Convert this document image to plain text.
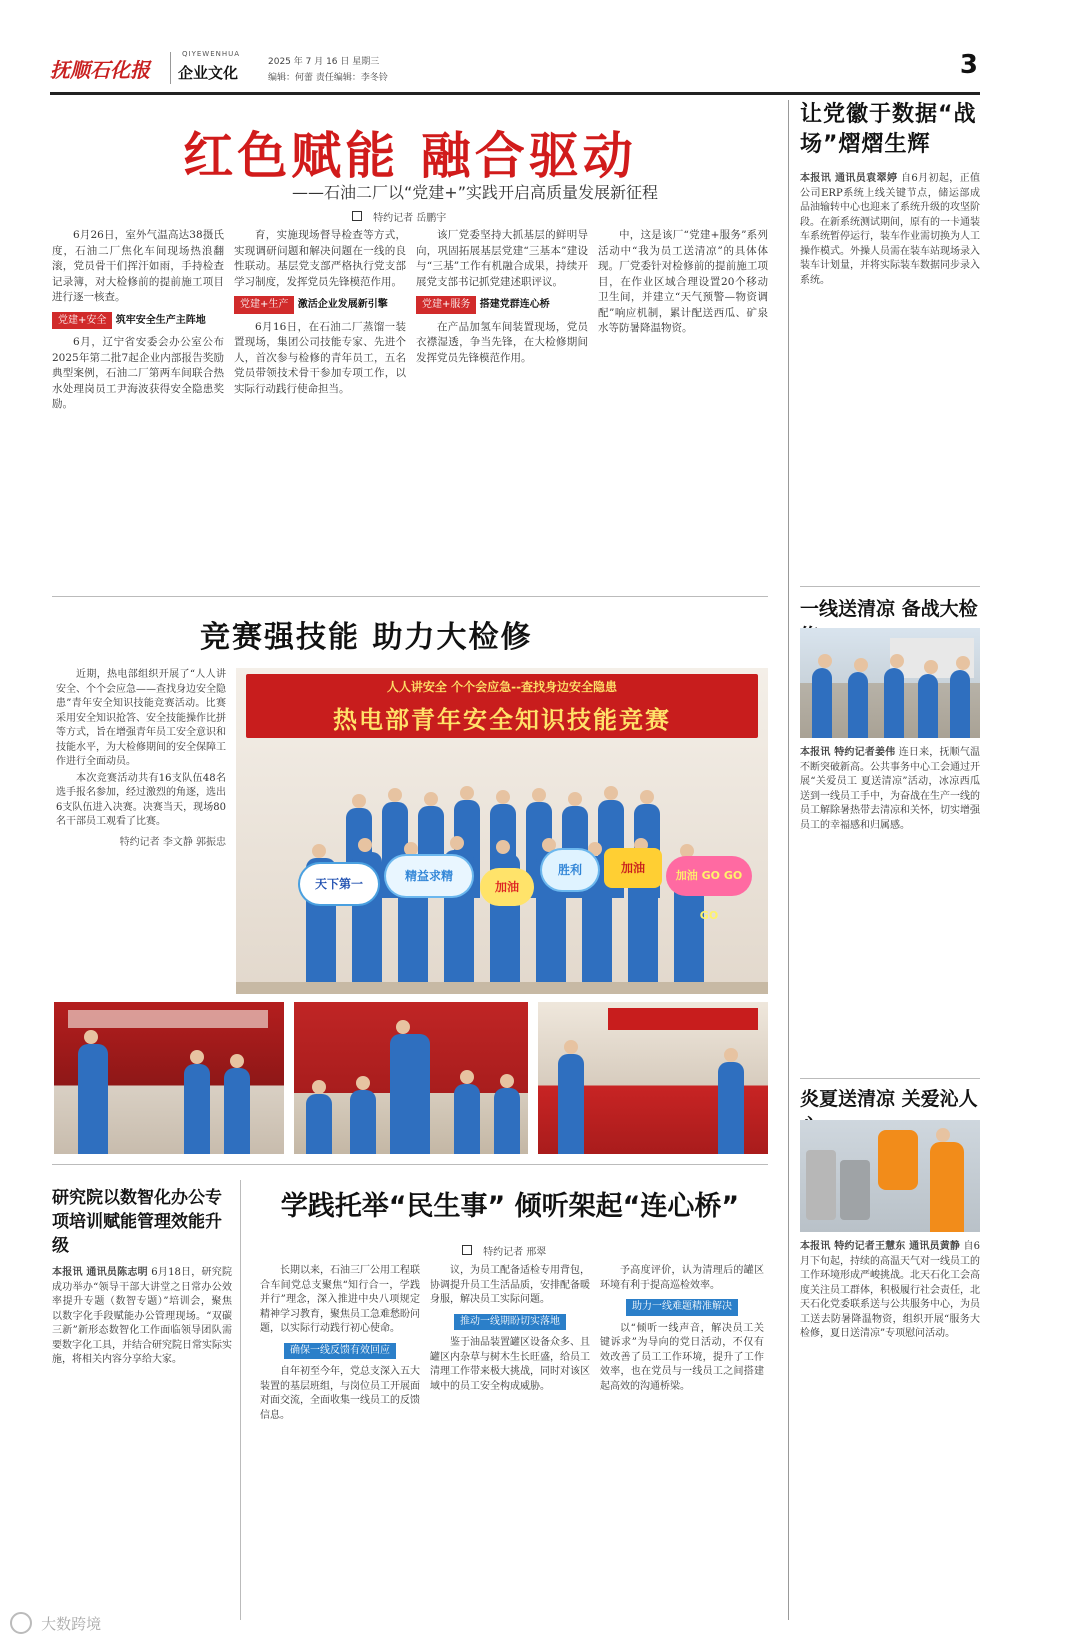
抚顺石化报
QIYEWENHUA
企业文化
2025 年 7 月 16 日 星期三
编辑：何蕾 责任编辑：李冬铃	3
红色赋能 融合驱动
——石油二厂以“党建+”实践开启高质量发展新征程
特约记者 岳鹏宇

6月26日，室外气温高达38摄氏度，石油二厂焦化车间现场热浪翻滚，党员骨干们挥汗如雨，手持检查记录簿，对大检修前的提前施工项目进行逐一核查。

党建+安全 筑牢安全生产主阵地

6月，辽宁省安委会办公室公布2025年第二批7起企业内部报告奖励典型案例，石油二厂第两车间联合热水处理岗员工尹海波获得安全隐患奖励。

育，实施现场督导检查等方式，实现调研问题和解决问题在一线的良性联动。基层党支部严格执行党支部学习制度，发挥党员先锋模范作用。

党建+生产 激活企业发展新引擎

6月16日，在石油二厂蒸馏一装置现场，集团公司技能专家、先进个人，首次参与检修的青年员工，五名党员带领技术骨干参加专项工作，以实际行动践行使命担当。

该厂党委坚持大抓基层的鲜明导向，巩固拓展基层党建“三基本”建设与“三基”工作有机融合成果，持续开展党支部书记抓党建述职评议。

党建+服务 搭建党群连心桥

在产品加氢车间装置现场，党员衣襟湿透，争当先锋，在大检修期间发挥党员先锋模范作用。

中，这是该厂“党建+服务”系列活动中“我为员工送清凉”的具体体现。厂党委针对检修前的提前施工项目，在作业区域合理设置20个移动卫生间，并建立“天气预警—物资调配”响应机制，累计配送西瓜、矿泉水等防暑降温物资。

竞赛强技能 助力大检修

近期，热电部组织开展了“人人讲安全、个个会应急——查找身边安全隐患”青年安全知识技能竞赛活动。比赛采用安全知识抢答、安全技能操作比拼等方式，旨在增强青年员工安全意识和技能水平，为大检修期间的安全保障工作进行全面动员。

本次竞赛活动共有16支队伍48名选手报名参加，经过激烈的角逐，选出6支队伍进入决赛。决赛当天，现场80名干部员工观看了比赛。

特约记者 李文静 郭振忠
人人讲安全 个个会应急--查找身边安全隐患
热电部青年安全知识技能竞赛
天下第一
精益求精
加油
胜利	加油
加油 GO GO GO
研究院以数智化办公专项培训赋能管理效能升级

本报讯 通讯员陈志明 6月18日，研究院成功举办“领导干部大讲堂之日常办公效率提升专题（数智专题）”培训会，聚焦以数字化手段赋能办公管理现场。“双碳三新”新形态数智化工作面临领导团队需要数字化工具，并结合研究院日常实际实施，将相关内容分享给大家。

学践托举“民生事” 倾听架起“连心桥”
特约记者 邢翠

长期以来，石油三厂公用工程联合车间党总支聚焦“知行合一，学践并行”理念，深入推进中央八项规定精神学习教育，聚焦员工急难愁盼问题，以实际行动践行初心使命。

确保一线反馈有效回应

自年初至今年，党总支深入五大装置的基层班组，与岗位员工开展面对面交流，全面收集一线员工的反馈信息。

议，为员工配备适检专用背包，协调提升员工生活品质，安排配备暖身服，解决员工实际问题。

推动一线期盼切实落地

鉴于油品装置罐区设备众多、且罐区内杂草与树木生长旺盛，给员工清理工作带来极大挑战，同时对该区域中的员工安全构成威胁。

予高度评价，认为清理后的罐区环境有利于提高巡检效率。

助力一线难题精准解决

以“倾听一线声音，解决员工关键诉求”为导向的党日活动，不仅有效改善了员工工作环境，提升了工作效率，也在党员与一线员工之间搭建起高效的沟通桥梁。

让党徽于数据“战场”熠熠生辉

本报讯 通讯员袁翠婷 自6月初起，正值公司ERP系统上线关键节点，储运部成品油输转中心也迎来了系统升级的攻坚阶段。在新系统测试期间，原有的一卡通装车系统暂停运行，装车作业需切换为人工操作模式。外操人员需在装车站现场录入装车计划量，并将实际装车数据同步录入系统。

一线送清凉 备战大检

本报讯 特约记者姜伟 连日来，抚顺气温不断突破新高。公共事务中心工会通过开展“关爱员工 夏送清凉”活动，冰凉西瓜送到一线员工手中，为奋战在生产一线的员工解除暑热带去清凉和关怀，切实增强员工的幸福感和归属感。

炎夏送清凉 关爱沁人

本报讯 特约记者王慧东 通讯员黄静 自6月下旬起，持续的高温天气对一线员工的工作环境形成严峻挑战。北天石化工会高度关注员工群体，积极履行社会责任，北天石化党委联系送与公共服务中心，为员工送去防暑降温物资，组织开展“服务大检修，夏日送清凉”专项慰问活动。

大数跨境
